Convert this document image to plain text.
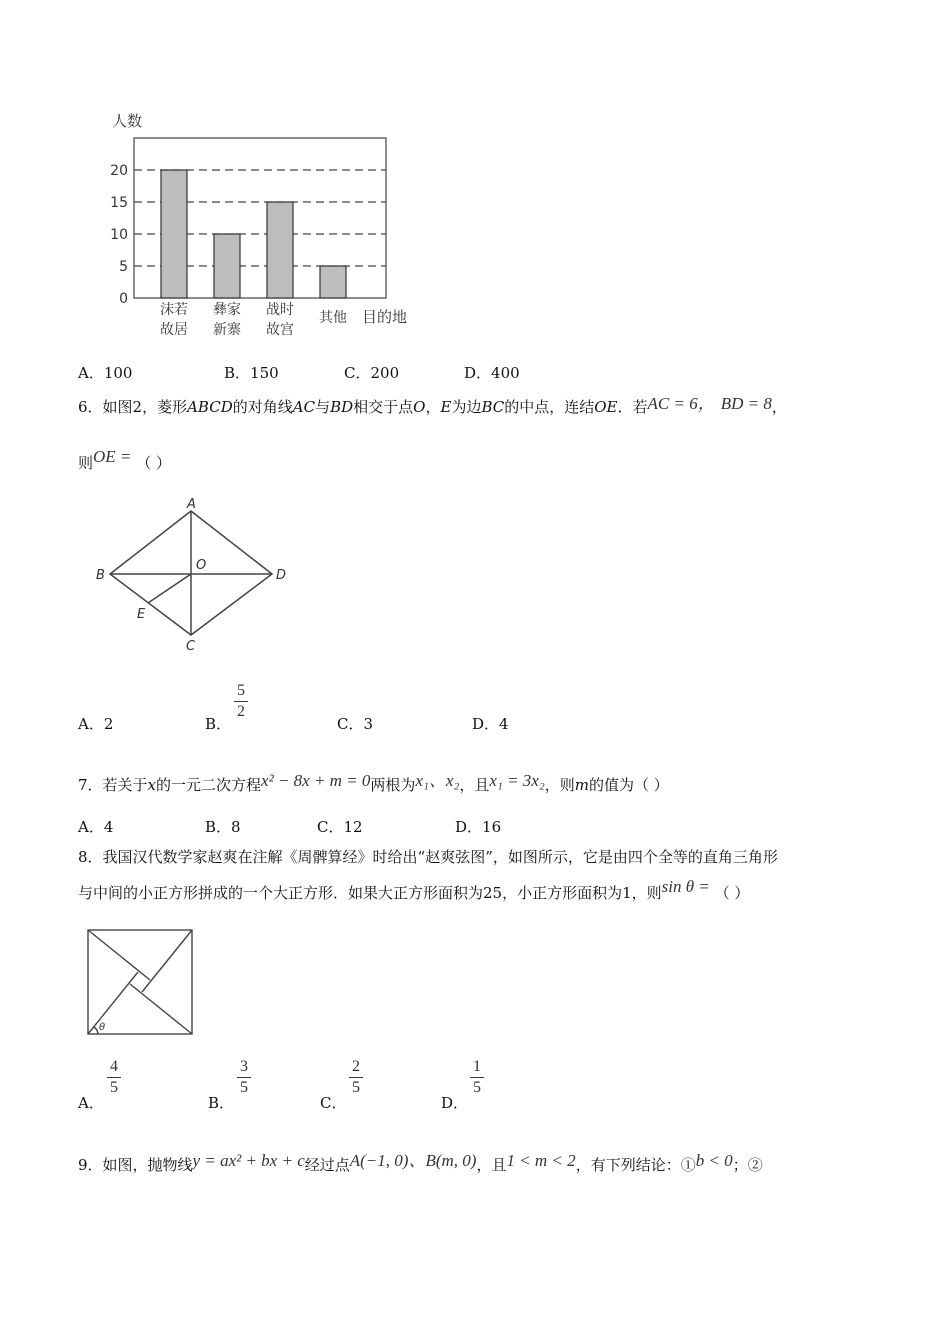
人数
0
5
10
15
20
沫若
故居
彝家
新寨
战时
故宫
其他 目的地
A．100	B．150	C．200	D．400
6．如图2，菱形ABCD的对角线AC与BD相交于点O，E为边BC的中点，连结OE．若AC = 6， BD = 8，
则OE = （ ）
A
B
C
D
O
E
A．2	B．
5
2
C．3	D．4
7．若关于x的一元二次方程x² − 8x + m = 0两根为x₁、x₂，且x₁ = 3x₂，则m的值为（ ）
A．4	B．8	C．12	D．16
8．我国汉代数学家赵爽在注解《周髀算经》时给出“赵爽弦图”，如图所示，它是由四个全等的直角三角形
与中间的小正方形拼成的一个大正方形．如果大正方形面积为25，小正方形面积为1，则sin θ = （ ）
θ
A．
4
5
B．
3
5
C．
2
5
D．
1
5
9．如图，抛物线y = ax² + bx + c经过点A(−1, 0)、B(m, 0)，且1 < m < 2，有下列结论：①b < 0；②
